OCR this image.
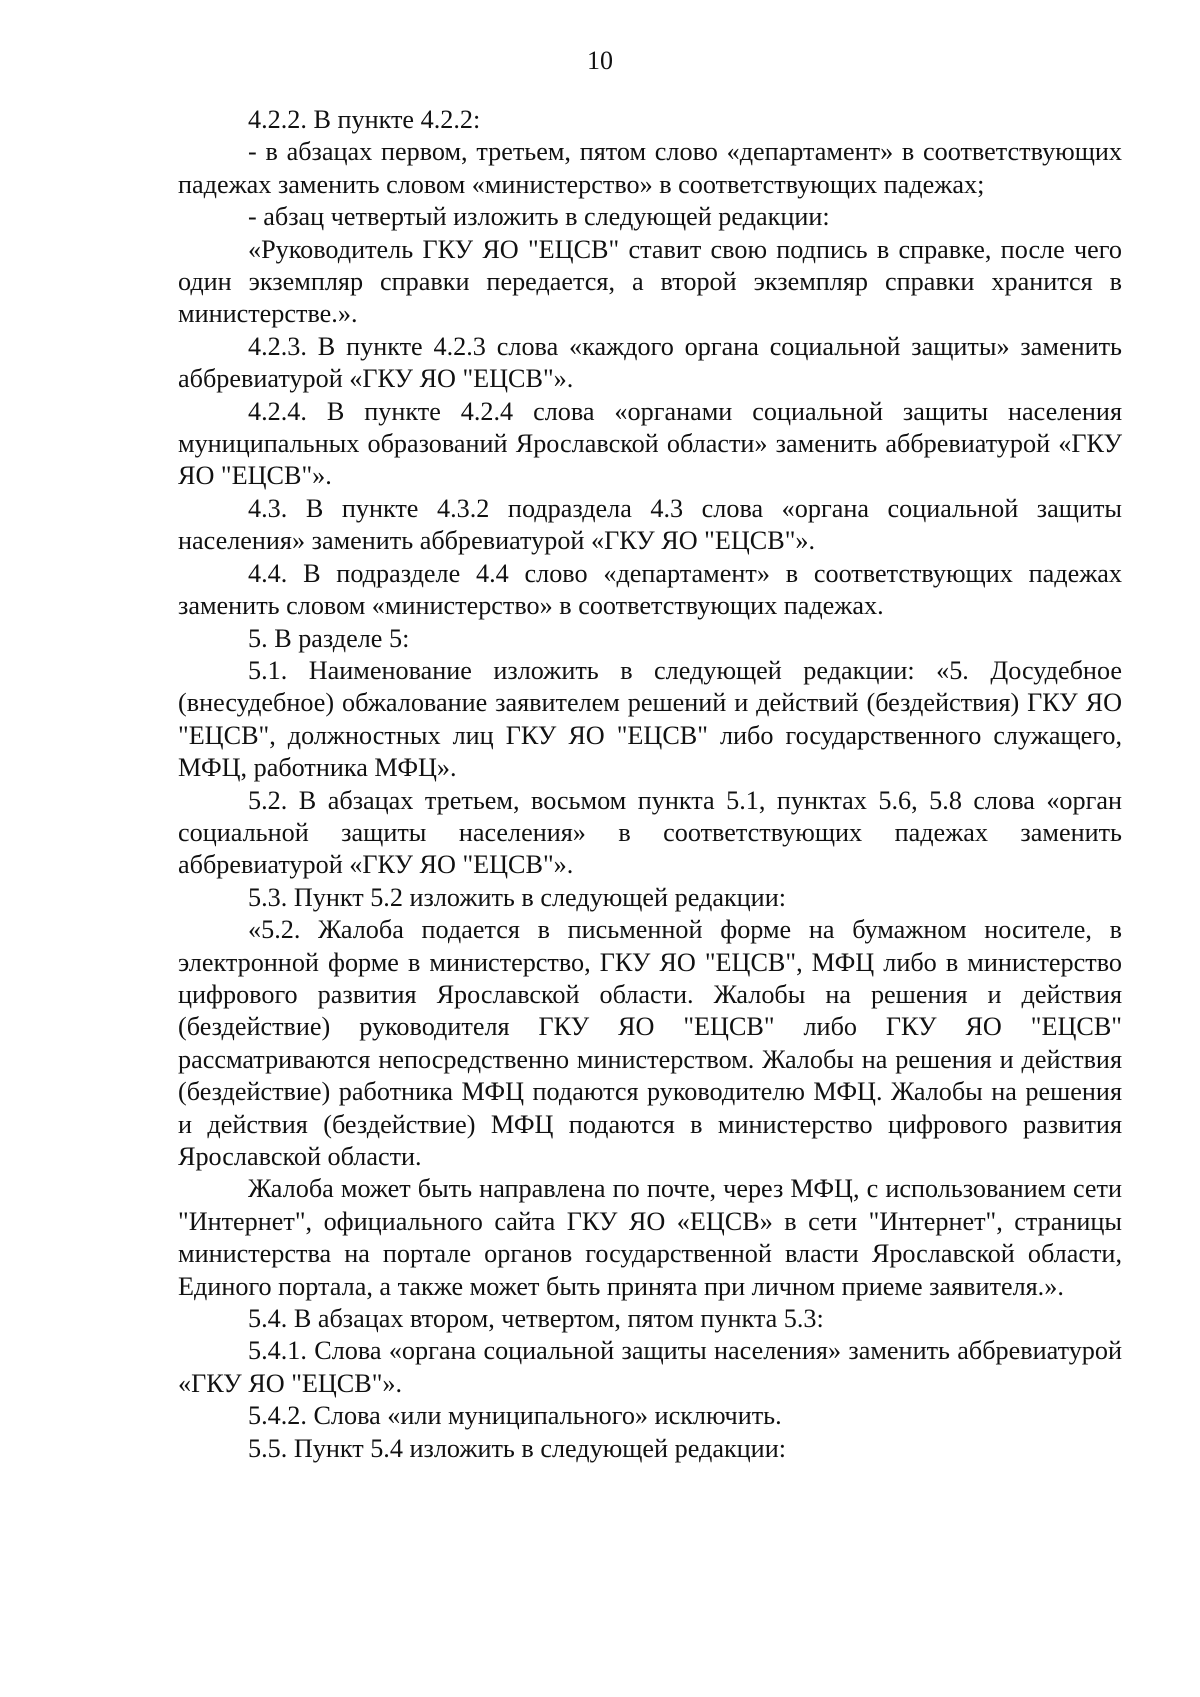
10

4.2.2. В пункте 4.2.2:

- в абзацах первом, третьем, пятом слово «департамент» в соответствующих падежах заменить словом «министерство» в соответствующих падежах;

- абзац четвертый изложить в следующей редакции:

«Руководитель ГКУ ЯО "ЕЦСВ" ставит свою подпись в справке, после чего один экземпляр справки передается, а второй экземпляр справки хранится в министерстве.».

4.2.3. В пункте 4.2.3 слова «каждого органа социальной защиты» заменить аббревиатурой «ГКУ ЯО "ЕЦСВ"».

4.2.4. В пункте 4.2.4 слова «органами социальной защиты населения муниципальных образований Ярославской области» заменить аббревиатурой «ГКУ ЯО "ЕЦСВ"».

4.3. В пункте 4.3.2 подраздела 4.3 слова «органа социальной защиты населения» заменить аббревиатурой «ГКУ ЯО "ЕЦСВ"».

4.4. В подразделе 4.4 слово «департамент» в соответствующих падежах заменить словом «министерство» в соответствующих падежах.

5. В разделе 5:

5.1. Наименование изложить в следующей редакции: «5. Досудебное (внесудебное) обжалование заявителем решений и действий (бездействия) ГКУ ЯО "ЕЦСВ", должностных лиц ГКУ ЯО "ЕЦСВ" либо государственного служащего, МФЦ, работника МФЦ».

5.2. В абзацах третьем, восьмом пункта 5.1, пунктах 5.6, 5.8 слова «орган социальной защиты населения» в соответствующих падежах заменить аббревиатурой «ГКУ ЯО "ЕЦСВ"».

5.3. Пункт 5.2 изложить в следующей редакции:

«5.2. Жалоба подается в письменной форме на бумажном носителе, в электронной форме в министерство, ГКУ ЯО "ЕЦСВ", МФЦ либо в министерство цифрового развития Ярославской области. Жалобы на решения и действия (бездействие) руководителя ГКУ ЯО "ЕЦСВ" либо ГКУ ЯО "ЕЦСВ" рассматриваются непосредственно министерством. Жалобы на решения и действия (бездействие) работника МФЦ подаются руководителю МФЦ. Жалобы на решения и действия (бездействие) МФЦ подаются в министерство цифрового развития Ярославской области.

Жалоба может быть направлена по почте, через МФЦ, с использованием сети "Интернет", официального сайта ГКУ ЯО «ЕЦСВ» в сети "Интернет", страницы министерства на портале органов государственной власти Ярославской области, Единого портала, а также может быть принята при личном приеме заявителя.».

5.4. В абзацах втором, четвертом, пятом пункта 5.3:

5.4.1. Слова «органа социальной защиты населения» заменить аббревиатурой «ГКУ ЯО "ЕЦСВ"».

5.4.2. Слова «или муниципального» исключить.

5.5. Пункт 5.4 изложить в следующей редакции:
